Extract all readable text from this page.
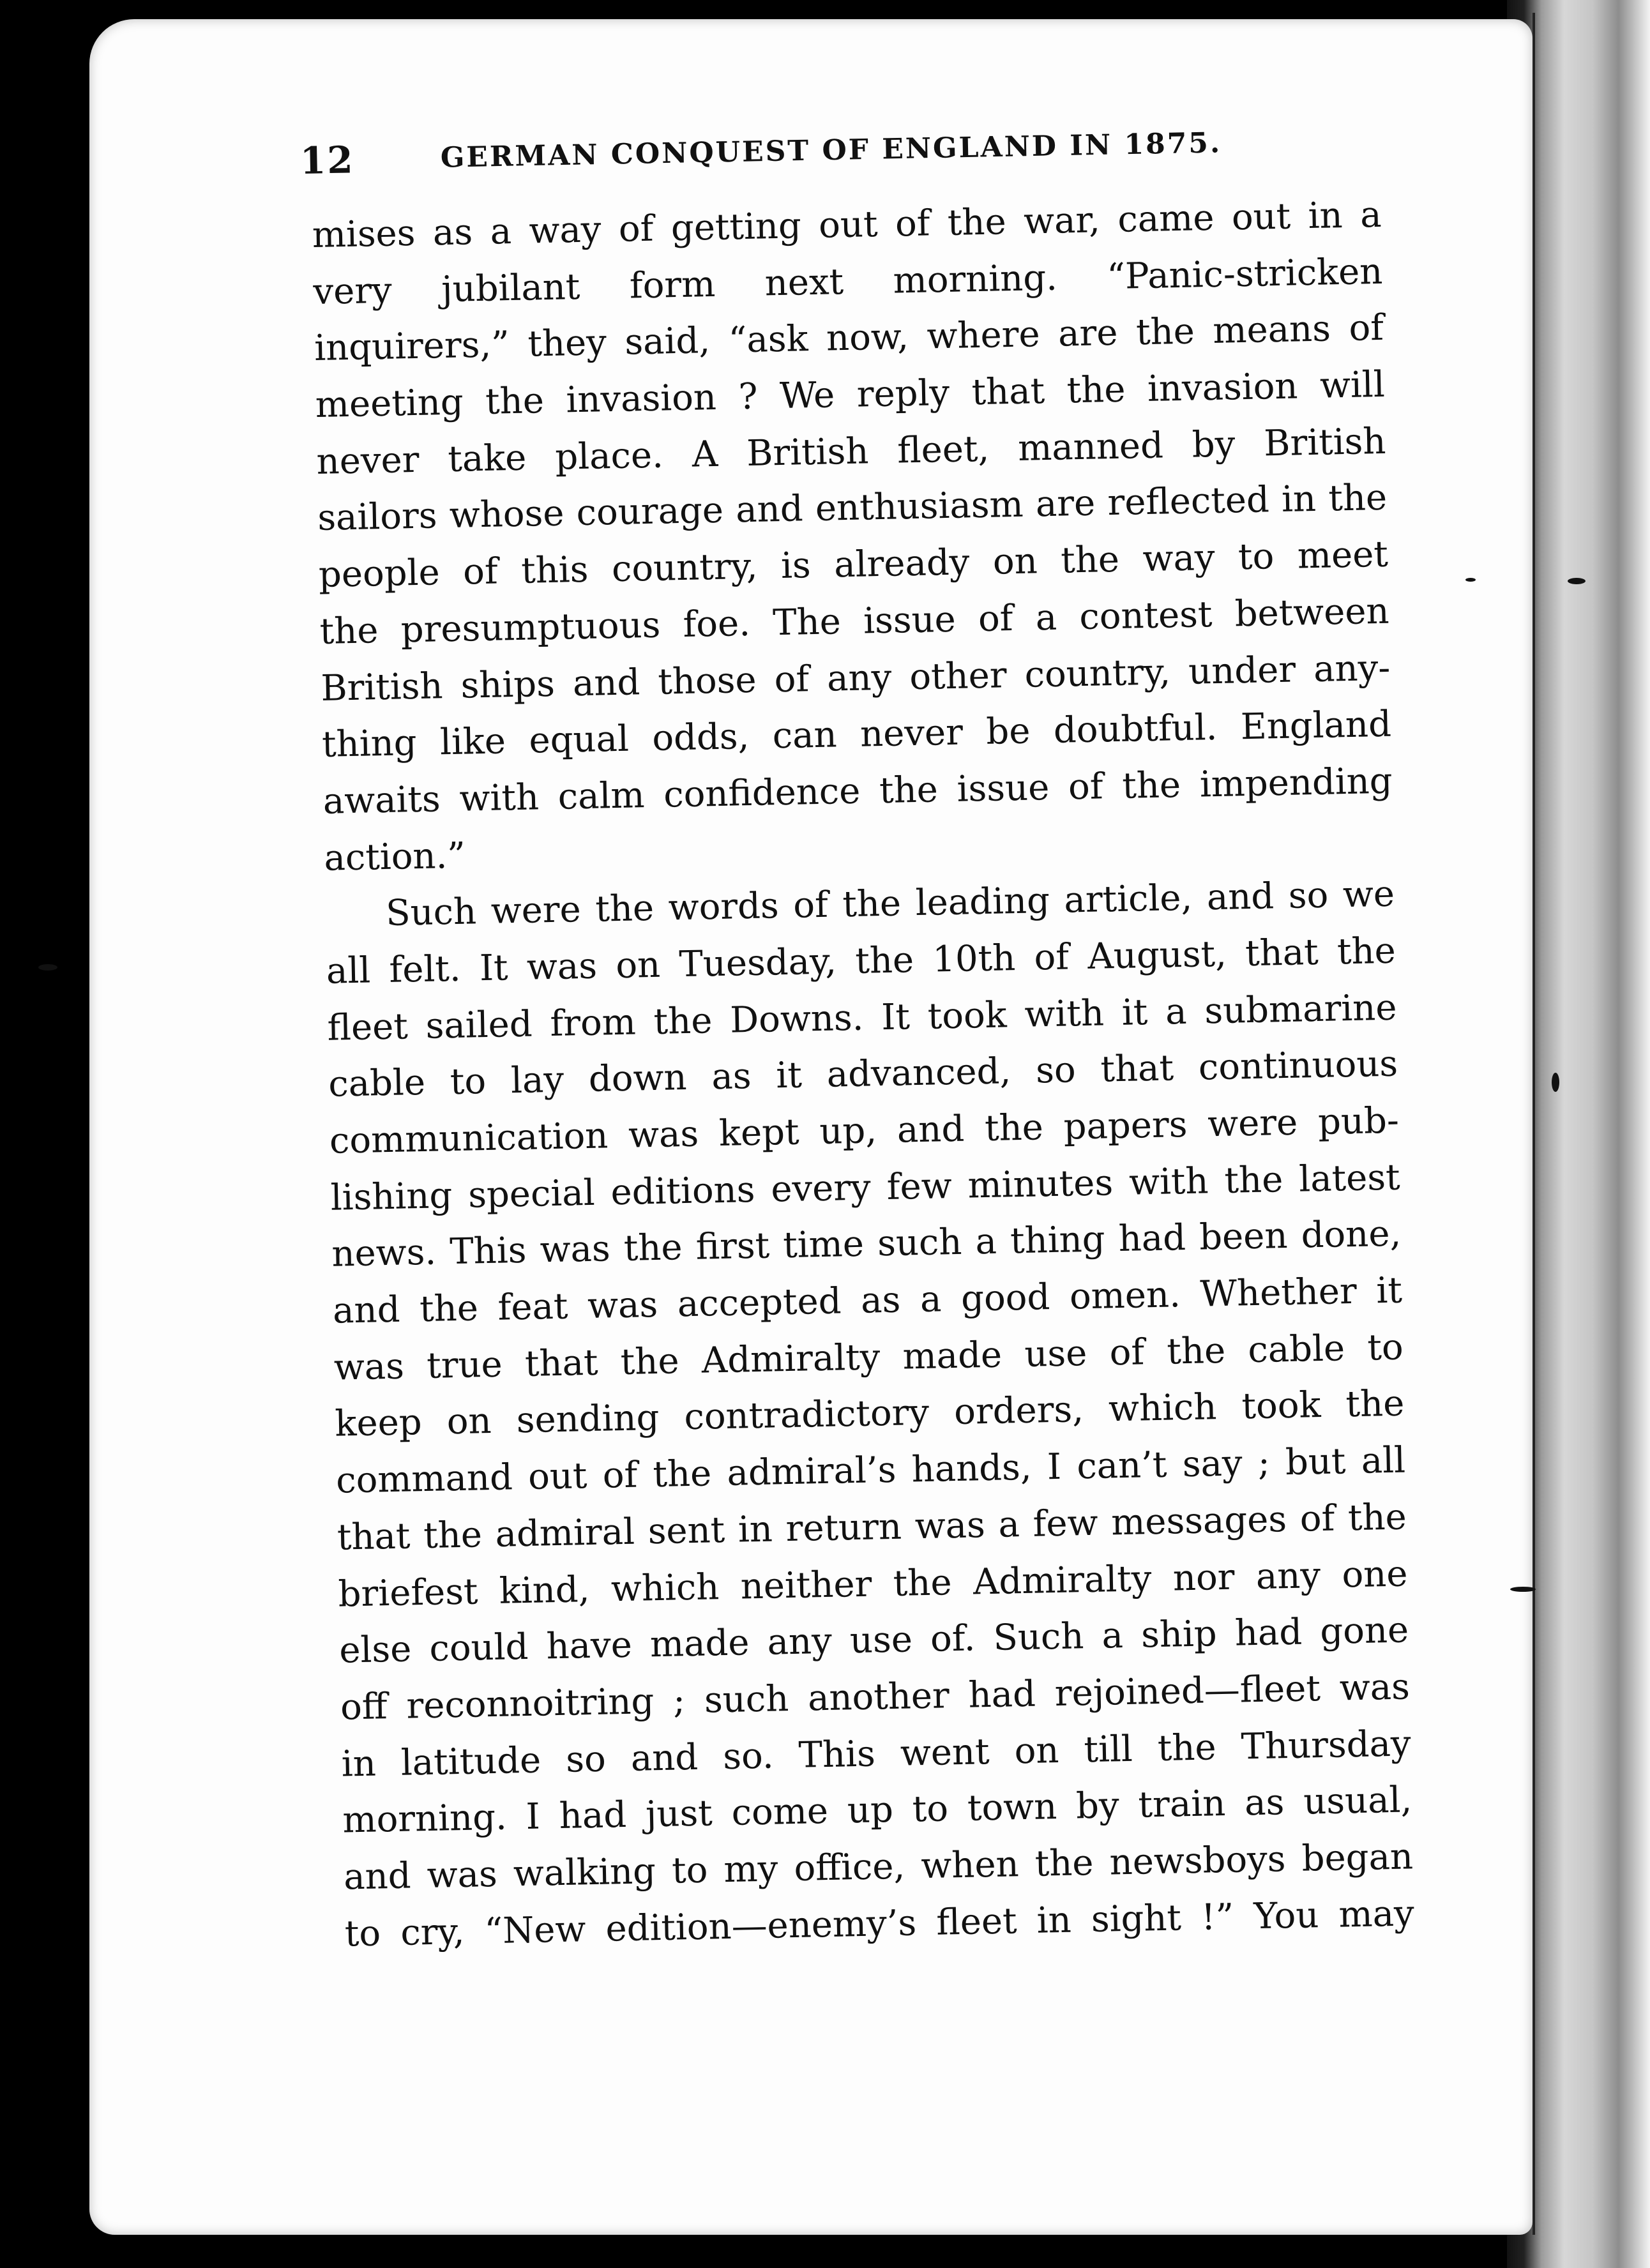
12	GERMAN CONQUEST OF ENGLAND IN 1875.
mises as a way of getting out of the war, came out in a
very jubilant form next morning. “Panic-stricken
inquirers,” they said, “ask now, where are the means of
meeting the invasion ? We reply that the invasion will
never take place. A British fleet, manned by British
sailors whose courage and enthusiasm are reflected in the
people of this country, is already on the way to meet
the presumptuous foe. The issue of a contest between
British ships and those of any other country, under any-
thing like equal odds, can never be doubtful. England
awaits with calm confidence the issue of the impending
action.”
Such were the words of the leading article, and so we
all felt. It was on Tuesday, the 10th of August, that the
fleet sailed from the Downs. It took with it a submarine
cable to lay down as it advanced, so that continuous
communication was kept up, and the papers were pub-
lishing special editions every few minutes with the latest
news. This was the first time such a thing had been done,
and the feat was accepted as a good omen. Whether it
was true that the Admiralty made use of the cable to
keep on sending contradictory orders, which took the
command out of the admiral’s hands, I can’t say ; but all
that the admiral sent in return was a few messages of the
briefest kind, which neither the Admiralty nor any one
else could have made any use of. Such a ship had gone
off reconnoitring ; such another had rejoined—fleet was
in latitude so and so. This went on till the Thursday
morning. I had just come up to town by train as usual,
and was walking to my office, when the newsboys began
to cry, “New edition—enemy’s fleet in sight !” You may
